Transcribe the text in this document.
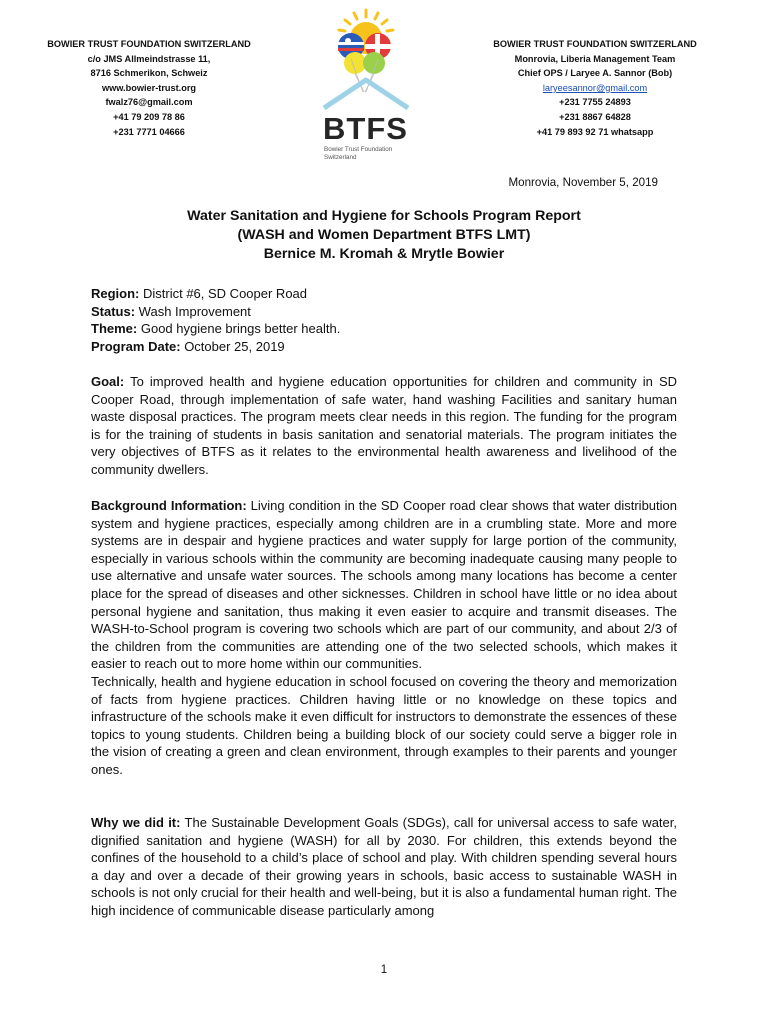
BOWIER TRUST FOUNDATION SWITZERLAND
c/o JMS Allmeindstrasse 11,
8716 Schmerikon, Schweiz
www.bowier-trust.org
fwalz76@gmail.com
+41 79 209 78 86
+231 7771 04666	BTFS
Bowier Trust Foundation Switzerland
BOWIER TRUST FOUNDATION SWITZERLAND
Monrovia, Liberia Management Team
Chief OPS / Laryee A. Sannor (Bob)
laryeesannor@gmail.com
+231 7755 24893
+231 8867 64828
+41 79 893 92 71 whatsapp
Monrovia, November 5, 2019
Water Sanitation and Hygiene for Schools Program Report
(WASH and Women Department BTFS LMT)
Bernice M. Kromah & Mrytle Bowier
Region: District #6, SD Cooper Road
Status: Wash Improvement
Theme: Good hygiene brings better health.
Program Date: October 25, 2019

Goal: To improved health and hygiene education opportunities for children and community in SD Cooper Road, through implementation of safe water, hand washing Facilities and sanitary human waste disposal practices. The program meets clear needs in this region. The funding for the program is for the training of students in basis sanitation and senatorial materials. The program initiates the very objectives of BTFS as it relates to the environmental health awareness and livelihood of the community dwellers.

Background Information: Living condition in the SD Cooper road clear shows that water distribution system and hygiene practices, especially among children are in a crumbling state. More and more systems are in despair and hygiene practices and water supply for large portion of the community, especially in various schools within the community are becoming inadequate causing many people to use alternative and unsafe water sources. The schools among many locations has become a center place for the spread of diseases and other sicknesses. Children in school have little or no idea about personal hygiene and sanitation, thus making it even easier to acquire and transmit diseases. The WASH-to-School program is covering two schools which are part of our community, and about 2/3 of the children from the communities are attending one of the two selected schools, which makes it easier to reach out to more home within our communities.

Technically, health and hygiene education in school focused on covering the theory and memorization of facts from hygiene practices. Children having little or no knowledge on these topics and infrastructure of the schools make it even difficult for instructors to demonstrate the essences of these topics to young students. Children being a building block of our society could serve a bigger role in the vision of creating a green and clean environment, through examples to their parents and younger ones.

Why we did it: The Sustainable Development Goals (SDGs), call for universal access to safe water, dignified sanitation and hygiene (WASH) for all by 2030. For children, this extends beyond the confines of the household to a child’s place of school and play. With children spending several hours a day and over a decade of their growing years in schools, basic access to sustainable WASH in schools is not only crucial for their health and well-being, but it is also a fundamental human right. The high incidence of communicable disease particularly among

1
